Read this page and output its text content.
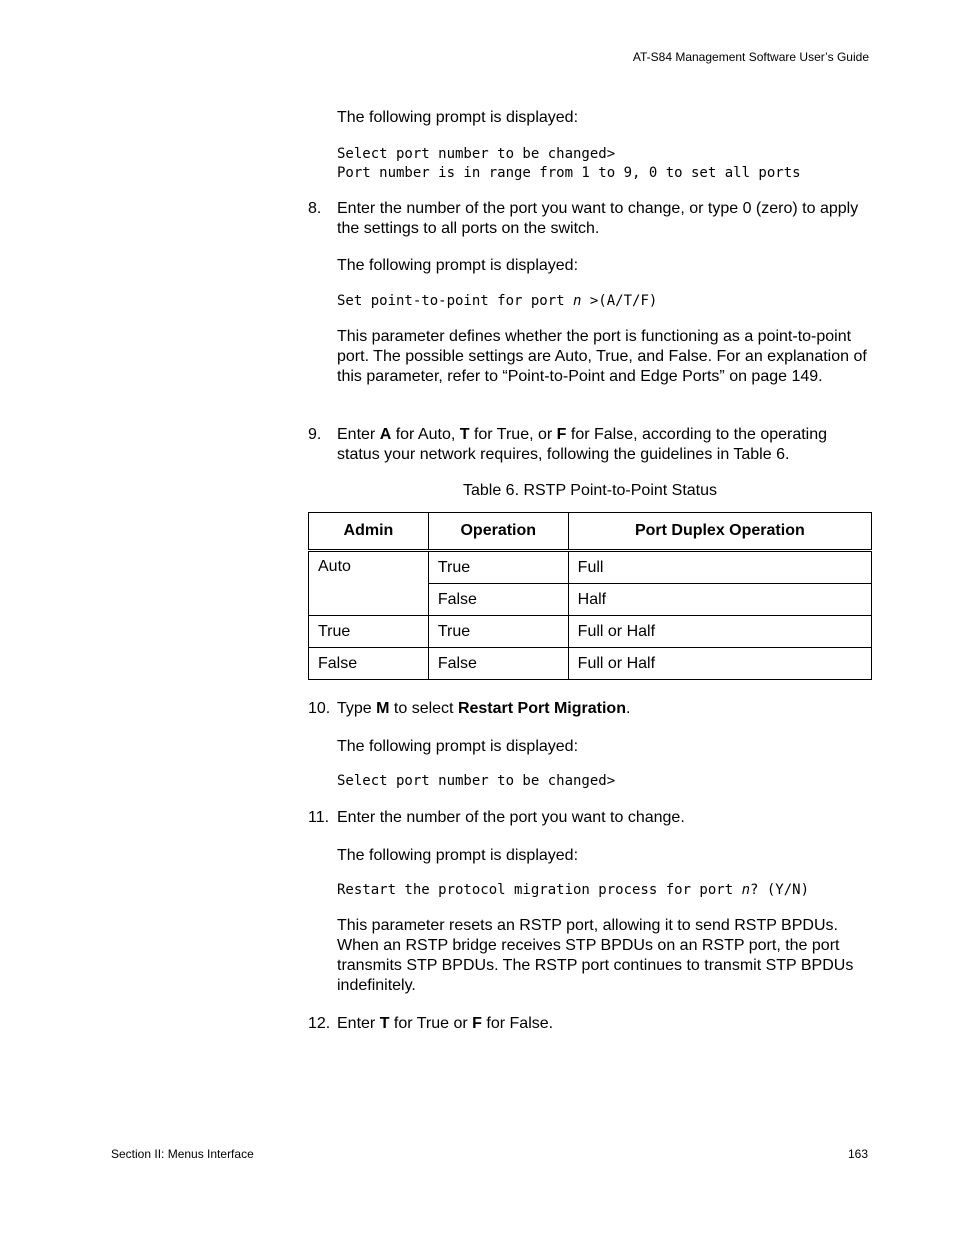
AT-S84 Management Software User’s Guide

The following prompt is displayed:

Select port number to be changed>
Port number is in range from 1 to 9, 0 to set all ports
8. Enter the number of the port you want to change, or type 0 (zero) to apply the settings to all ports on the switch.

The following prompt is displayed:

Set point-to-point for port n >(A/T/F)

This parameter defines whether the port is functioning as a point-to-point port. The possible settings are Auto, True, and False. For an explanation of this parameter, refer to “Point-to-Point and Edge Ports” on page 149.

9. Enter A for Auto, T for True, or F for False, according to the operating status your network requires, following the guidelines in Table 6.
Table 6. RSTP Point-to-Point Status
Admin	Operation	Port Duplex Operation
Auto	True	Full
	False	Half
True	True	Full or Half
False	False	Full or Half
10. Type M to select Restart Port Migration.

The following prompt is displayed:

Select port number to be changed>
11. Enter the number of the port you want to change.

The following prompt is displayed:

Restart the protocol migration process for port n? (Y/N)

This parameter resets an RSTP port, allowing it to send RSTP BPDUs. When an RSTP bridge receives STP BPDUs on an RSTP port, the port transmits STP BPDUs. The RSTP port continues to transmit STP BPDUs indefinitely.

12. Enter T for True or F for False.
Section II: Menus Interface	163
